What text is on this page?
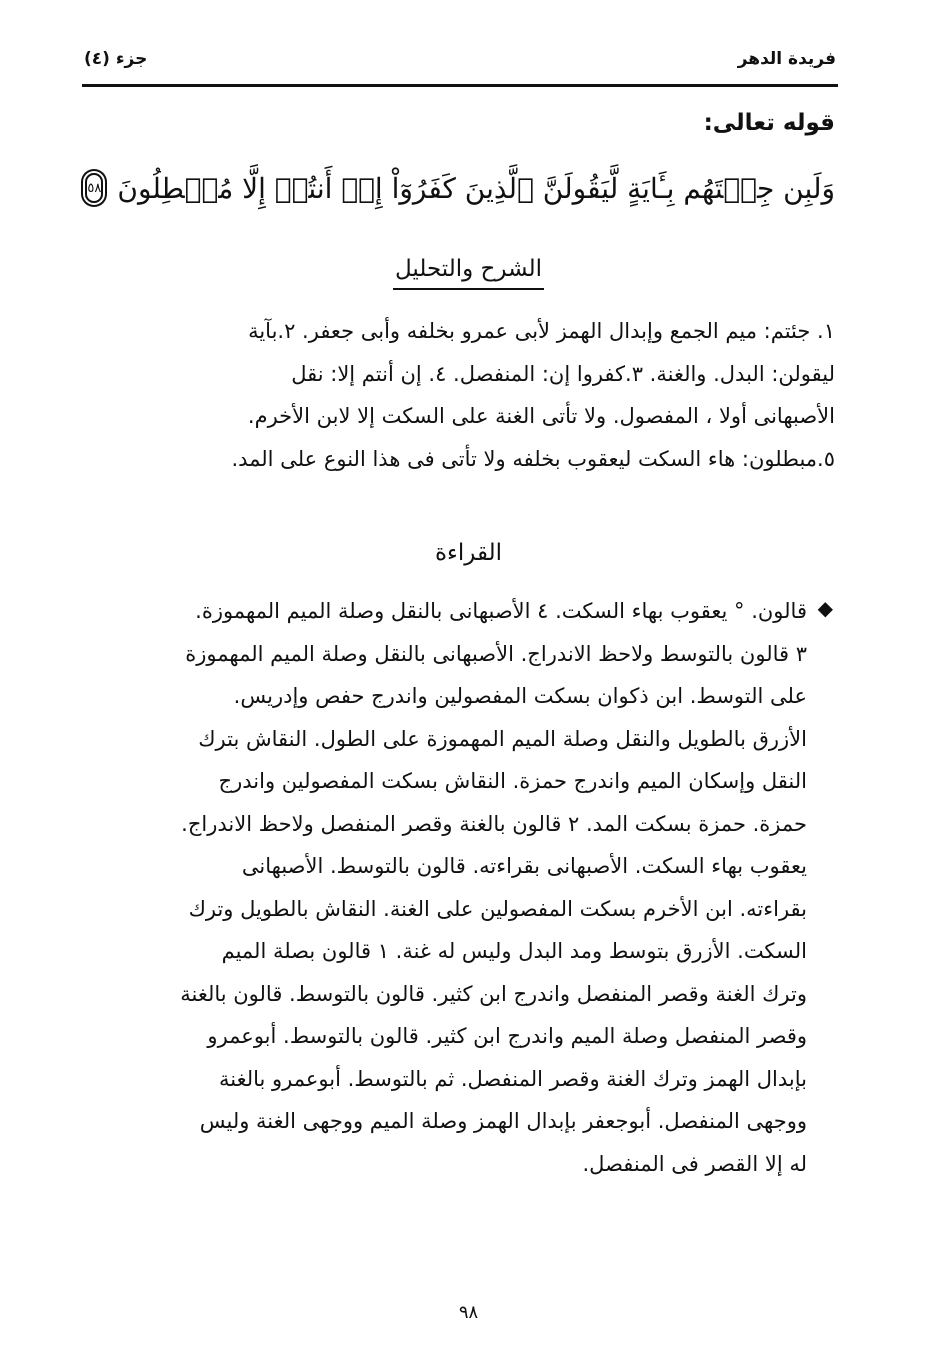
فريدة الدهر
جزء (٤)
قوله تعالى:
وَلَبِن جِئۡتَهُم بِـَٔايَةٍ لَّيَقُولَنَّ ٱلَّذِينَ كَفَرُوٓاْ إِنۡ أَنتُمۡ إِلَّا مُبۡطِلُونَ
٥٨
الشرح والتحليل
١. جئتم: ميم الجمع وإبدال الهمز لأبى عمرو بخلفه وأبى جعفر. ٢.بآية
ليقولن: البدل. والغنة. ٣.كفروا إن: المنفصل. ٤. إن أنتم إلا: نقل
الأصبهانى أولا ، المفصول. ولا تأتى الغنة على السكت إلا لابن الأخرم.
٥.مبطلون: هاء السكت ليعقوب بخلفه ولا تأتى فى هذا النوع على المد.
القراءة
◆
قالون. ° يعقوب بهاء السكت. ٤ الأصبهانى بالنقل وصلة الميم المهموزة.
٣ قالون بالتوسط ولاحظ الاندراج. الأصبهانى بالنقل وصلة الميم المهموزة
على التوسط. ابن ذكوان بسكت المفصولين واندرج حفص وإدريس.
الأزرق بالطويل والنقل وصلة الميم المهموزة على الطول. النقاش بترك
النقل وإسكان الميم واندرج حمزة. النقاش بسكت المفصولين واندرج
حمزة. حمزة بسكت المد. ٢ قالون بالغنة وقصر المنفصل ولاحظ الاندراج.
يعقوب بهاء السكت. الأصبهانى بقراءته. قالون بالتوسط. الأصبهانى
بقراءته. ابن الأخرم بسكت المفصولين على الغنة. النقاش بالطويل وترك
السكت. الأزرق بتوسط ومد البدل وليس له غنة. ١ قالون بصلة الميم
وترك الغنة وقصر المنفصل واندرج ابن كثير. قالون بالتوسط. قالون بالغنة
وقصر المنفصل وصلة الميم واندرج ابن كثير. قالون بالتوسط. أبوعمرو
بإبدال الهمز وترك الغنة وقصر المنفصل. ثم بالتوسط. أبوعمرو بالغنة
ووجهى المنفصل. أبوجعفر بإبدال الهمز وصلة الميم ووجهى الغنة وليس
له إلا القصر فى المنفصل.
٩٨
